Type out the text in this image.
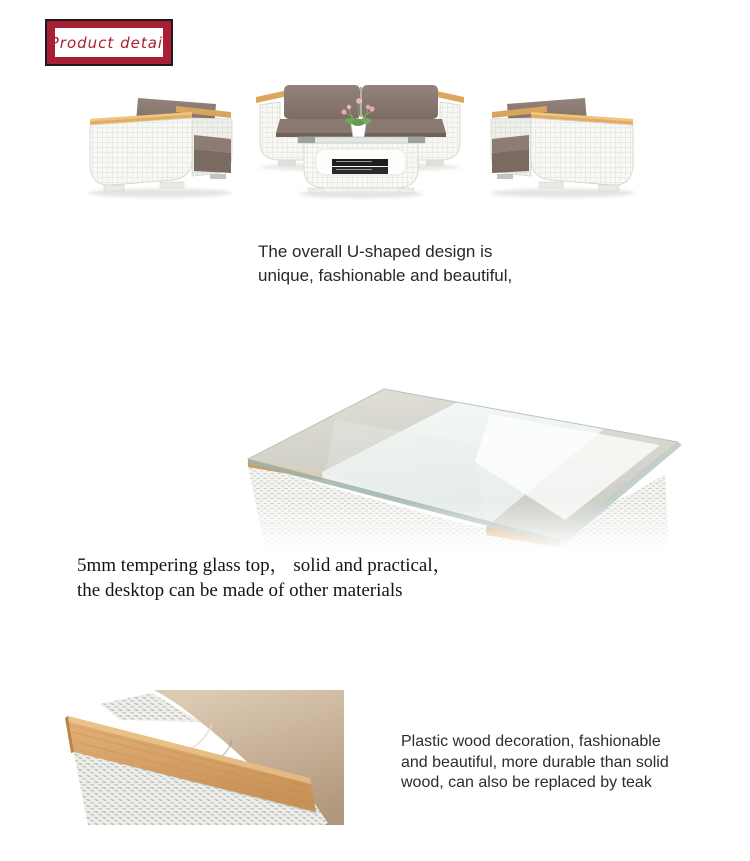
Product detail
The overall U-shaped design is
unique, fashionable and beautiful,
5mm tempering glass top， solid and practical，
the desktop can be made of other materials
Plastic wood decoration, fashionable
and beautiful, more durable than solid
wood, can also be replaced by teak
